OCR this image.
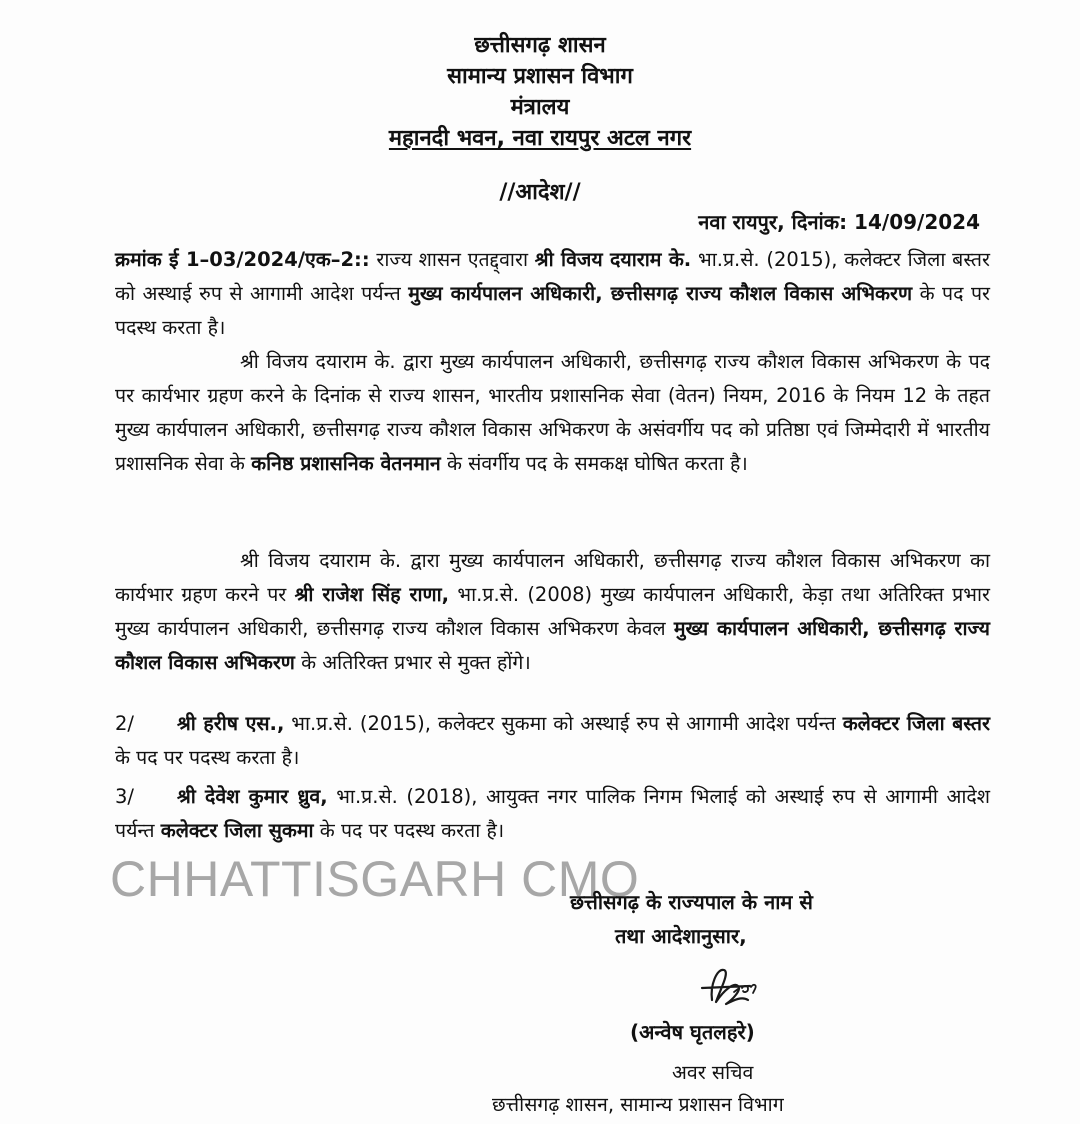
छत्तीसगढ़ शासन
सामान्य प्रशासन विभाग
मंत्रालय
महानदी भवन, नवा रायपुर अटल नगर
//आदेश//
नवा रायपुर, दिनांक: 14/09/2024
क्रमांक ई 1–03/2024/एक–2:: राज्य शासन एतद्द्वारा श्री विजय दयाराम के. भा.प्र.से. (2015), कलेक्टर जिला बस्तर को अस्थाई रुप से आगामी आदेश पर्यन्त मुख्य कार्यपालन अधिकारी, छत्तीसगढ़ राज्य कौशल विकास अभिकरण के पद पर पदस्थ करता है।
श्री विजय दयाराम के. द्वारा मुख्य कार्यपालन अधिकारी, छत्तीसगढ़ राज्य कौशल विकास अभिकरण के पद पर कार्यभार ग्रहण करने के दिनांक से राज्य शासन, भारतीय प्रशासनिक सेवा (वेतन) नियम, 2016 के नियम 12 के तहत मुख्य कार्यपालन अधिकारी, छत्तीसगढ़ राज्य कौशल विकास अभिकरण के असंवर्गीय पद को प्रतिष्ठा एवं जिम्मेदारी में भारतीय प्रशासनिक सेवा के कनिष्ठ प्रशासनिक वेतनमान के संवर्गीय पद के समकक्ष घोषित करता है।
श्री विजय दयाराम के. द्वारा मुख्य कार्यपालन अधिकारी, छत्तीसगढ़ राज्य कौशल विकास अभिकरण का कार्यभार ग्रहण करने पर श्री राजेश सिंह राणा, भा.प्र.से. (2008) मुख्य कार्यपालन अधिकारी, केड़ा तथा अतिरिक्त प्रभार मुख्य कार्यपालन अधिकारी, छत्तीसगढ़ राज्य कौशल विकास अभिकरण केवल मुख्य कार्यपालन अधिकारी, छत्तीसगढ़ राज्य कौशल विकास अभिकरण के अतिरिक्त प्रभार से मुक्त होंगे।
2/ श्री हरीष एस., भा.प्र.से. (2015), कलेक्टर सुकमा को अस्थाई रुप से आगामी आदेश पर्यन्त कलेक्टर जिला बस्तर के पद पर पदस्थ करता है।
3/ श्री देवेश कुमार ध्रुव, भा.प्र.से. (2018), आयुक्त नगर पालिक निगम भिलाई को अस्थाई रुप से आगामी आदेश पर्यन्त कलेक्टर जिला सुकमा के पद पर पदस्थ करता है।
CHHATTISGARH CMO
छत्तीसगढ़ के राज्यपाल के नाम से
तथा आदेशानुसार,
(अन्वेष घृतलहरे)
अवर सचिव
छत्तीसगढ़ शासन, सामान्य प्रशासन विभाग
